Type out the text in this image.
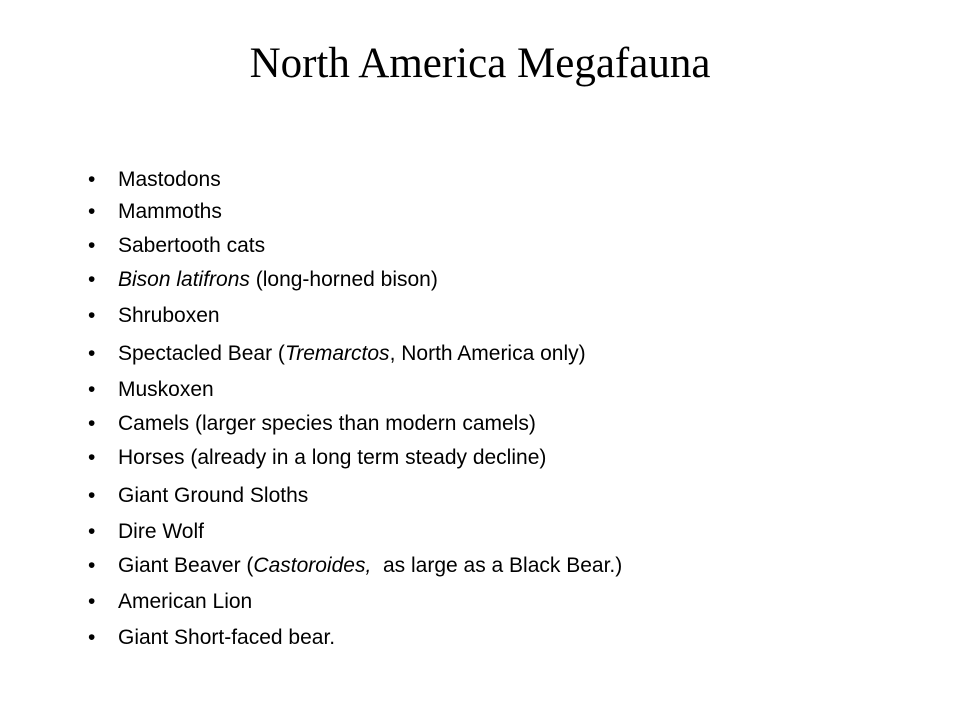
North America Megafauna
• Mastodons
• Mammoths
• Sabertooth cats
• Bison latifrons (long-horned bison)
• Shruboxen
• Spectacled Bear (Tremarctos, North America only)
• Muskoxen
• Camels (larger species than modern camels)
• Horses (already in a long term steady decline)
• Giant Ground Sloths
• Dire Wolf
• Giant Beaver (Castoroides,  as large as a Black Bear.)
• American Lion
• Giant Short-faced bear.
